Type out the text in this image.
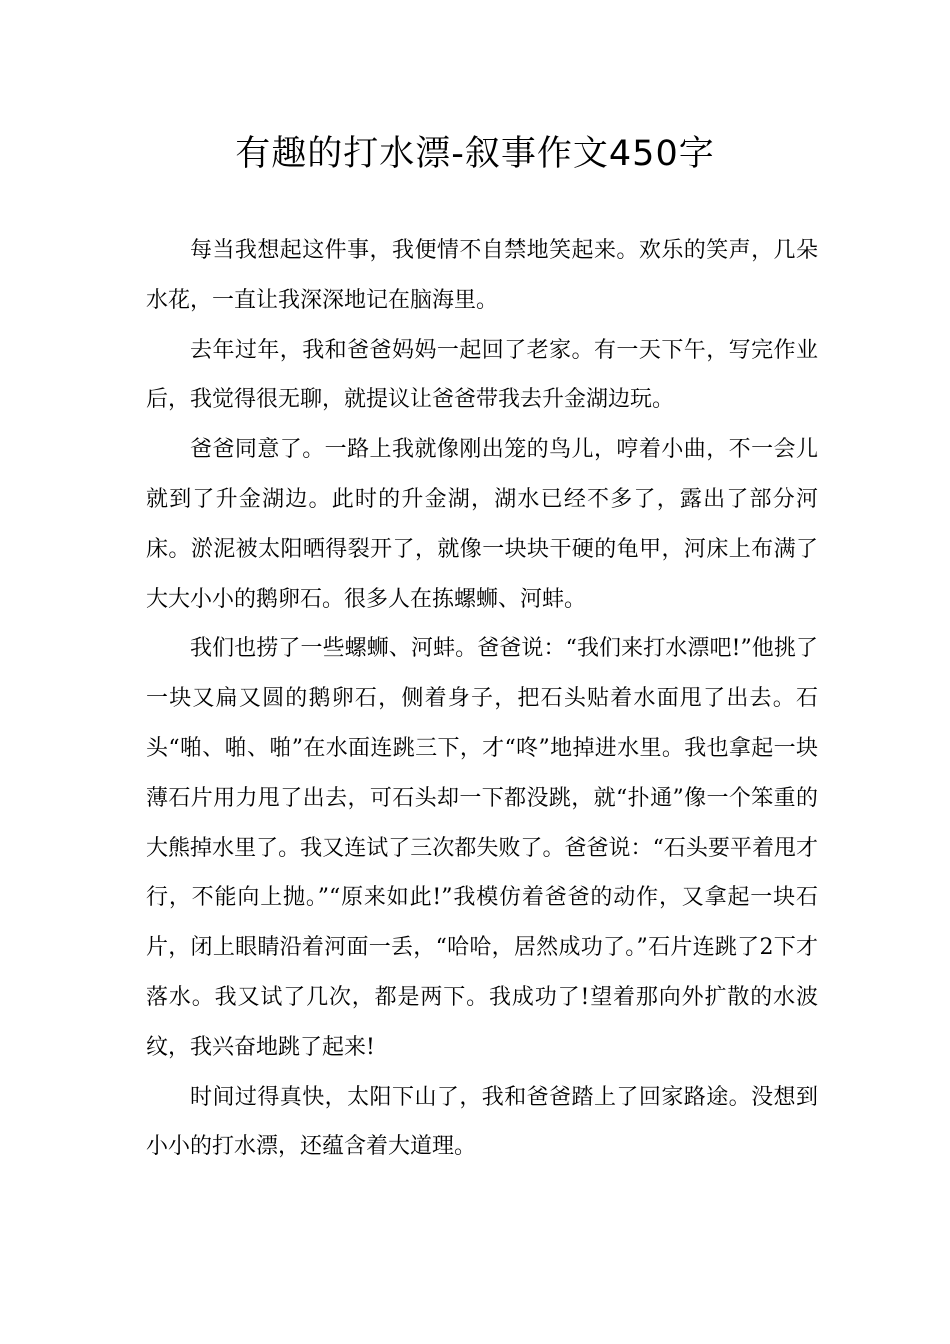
有趣的打水漂-叙事作文450字

每当我想起这件事，我便情不自禁地笑起来。欢乐的笑声，几朵水花，一直让我深深地记在脑海里。

去年过年，我和爸爸妈妈一起回了老家。有一天下午，写完作业后，我觉得很无聊，就提议让爸爸带我去升金湖边玩。

爸爸同意了。一路上我就像刚出笼的鸟儿，哼着小曲，不一会儿就到了升金湖边。此时的升金湖，湖水已经不多了，露出了部分河床。淤泥被太阳晒得裂开了，就像一块块干硬的龟甲，河床上布满了大大小小的鹅卵石。很多人在拣螺蛳、河蚌。

我们也捞了一些螺蛳、河蚌。爸爸说：“我们来打水漂吧!”他挑了一块又扁又圆的鹅卵石，侧着身子，把石头贴着水面甩了出去。石头“啪、啪、啪”在水面连跳三下，才“咚”地掉进水里。我也拿起一块薄石片用力甩了出去，可石头却一下都没跳，就“扑通”像一个笨重的大熊掉水里了。我又连试了三次都失败了。爸爸说：“石头要平着甩才行，不能向上抛。”“原来如此!”我模仿着爸爸的动作，又拿起一块石片，闭上眼睛沿着河面一丢，“哈哈，居然成功了。”石片连跳了2下才落水。我又试了几次，都是两下。我成功了!望着那向外扩散的水波纹，我兴奋地跳了起来!

时间过得真快，太阳下山了，我和爸爸踏上了回家路途。没想到小小的打水漂，还蕴含着大道理。
